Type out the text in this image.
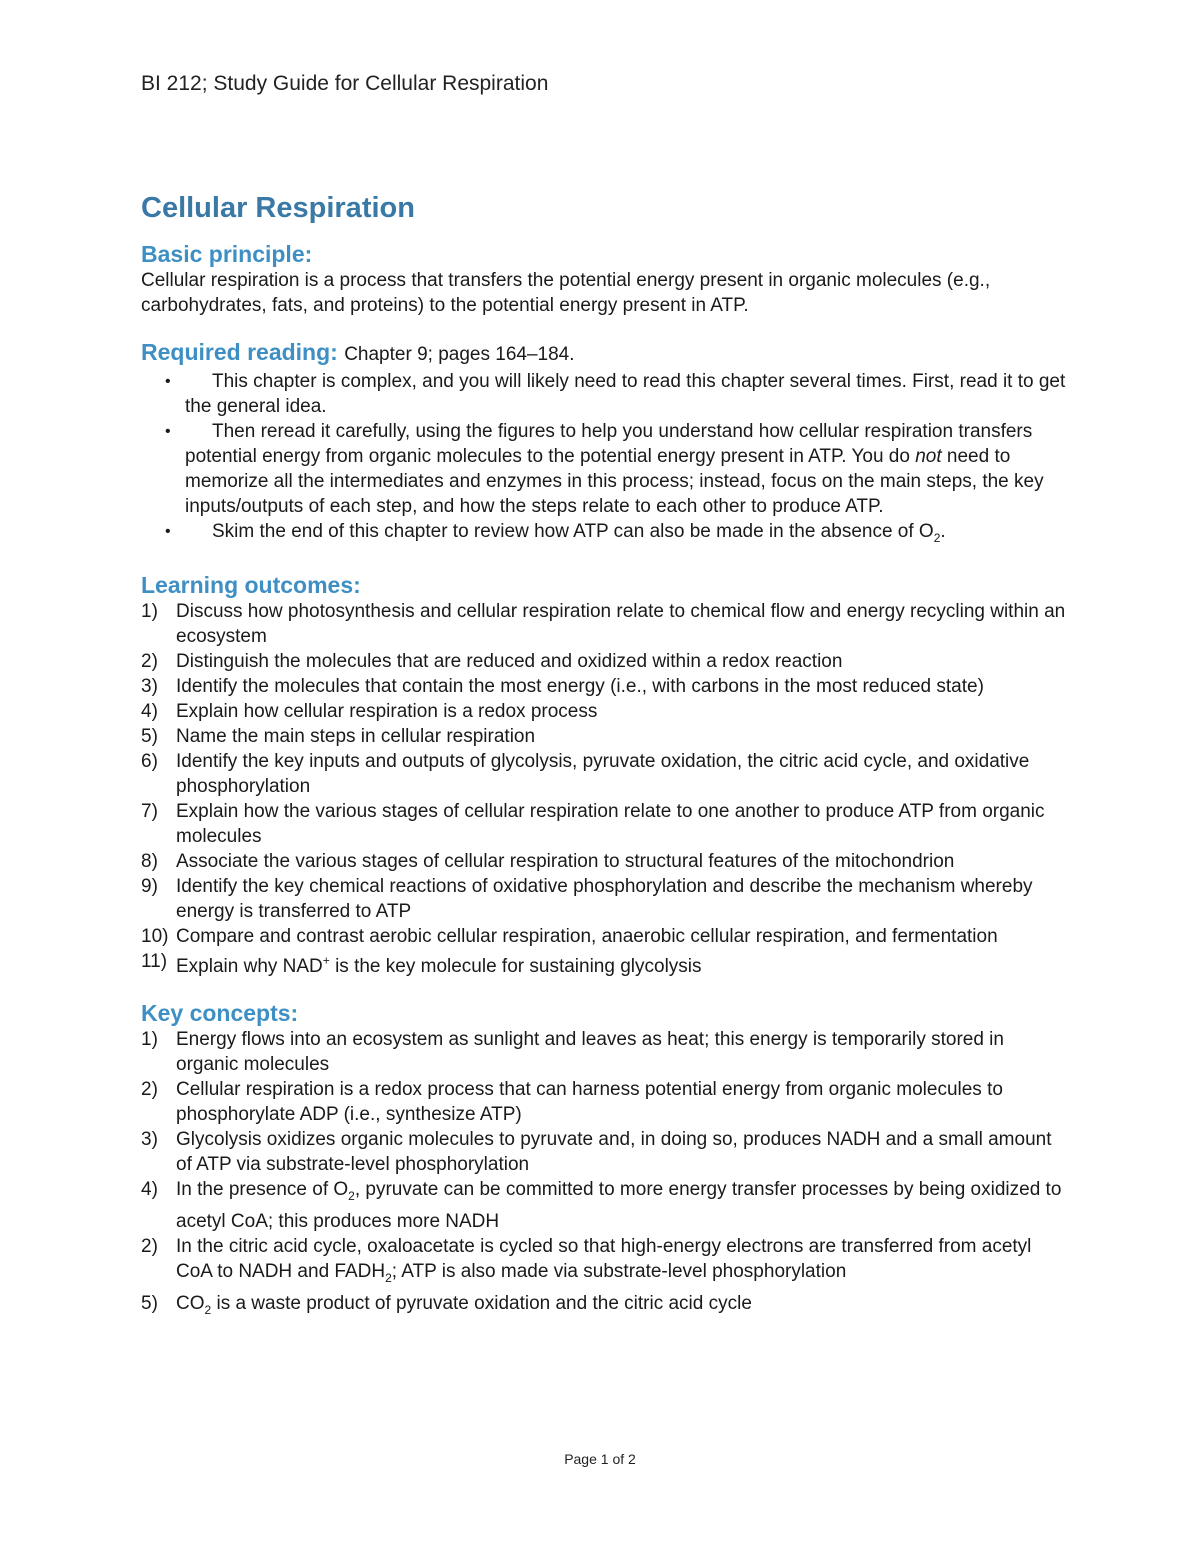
BI 212; Study Guide for Cellular Respiration
Cellular Respiration
Basic principle:
Cellular respiration is a process that transfers the potential energy present in organic molecules (e.g., carbohydrates, fats, and proteins) to the potential energy present in ATP.
Required reading: Chapter 9; pages 164–184.
•	This chapter is complex, and you will likely need to read this chapter several times. First, read it to get the general idea.
•	Then reread it carefully, using the figures to help you understand how cellular respiration transfers potential energy from organic molecules to the potential energy present in ATP. You do not need to memorize all the intermediates and enzymes in this process; instead, focus on the main steps, the key inputs/outputs of each step, and how the steps relate to each other to produce ATP.
•	Skim the end of this chapter to review how ATP can also be made in the absence of $O_2$.
Learning outcomes:
1) Discuss how photosynthesis and cellular respiration relate to chemical flow and energy recycling within an ecosystem
2) Distinguish the molecules that are reduced and oxidized within a redox reaction
3) Identify the molecules that contain the most energy (i.e., with carbons in the most reduced state)
4) Explain how cellular respiration is a redox process
5) Name the main steps in cellular respiration
6) Identify the key inputs and outputs of glycolysis, pyruvate oxidation, the citric acid cycle, and oxidative phosphorylation
7) Explain how the various stages of cellular respiration relate to one another to produce ATP from organic molecules
8) Associate the various stages of cellular respiration to structural features of the mitochondrion
9) Identify the key chemical reactions of oxidative phosphorylation and describe the mechanism whereby energy is transferred to ATP
10) Compare and contrast aerobic cellular respiration, anaerobic cellular respiration, and fermentation
11) Explain why NAD+ is the key molecule for sustaining glycolysis
Key concepts:
1) Energy flows into an ecosystem as sunlight and leaves as heat; this energy is temporarily stored in organic molecules
2) Cellular respiration is a redox process that can harness potential energy from organic molecules to phosphorylate ADP (i.e., synthesize ATP)
3) Glycolysis oxidizes organic molecules to pyruvate and, in doing so, produces NADH and a small amount of ATP via substrate-level phosphorylation
4) In the presence of $O_2$, pyruvate can be committed to more energy transfer processes by being oxidized to acetyl CoA; this produces more NADH
2) In the citric acid cycle, oxaloacetate is cycled so that high-energy electrons are transferred from acetyl CoA to NADH and $FADH_2$; ATP is also made via substrate-level phosphorylation
5) $CO_2$ is a waste product of pyruvate oxidation and the citric acid cycle
Page 1 of 2
